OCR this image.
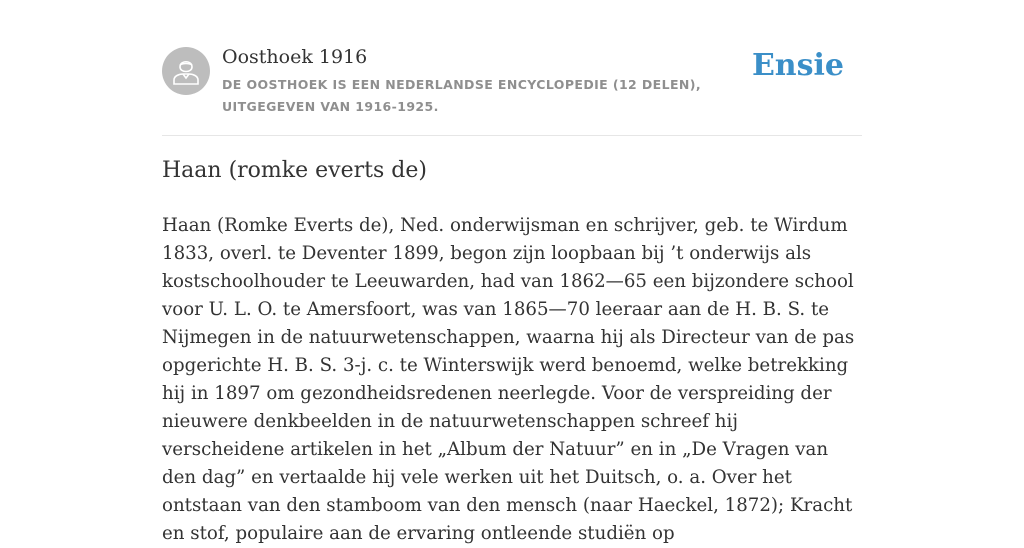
Oosthoek 1916
DE OOSTHOEK IS EEN NEDERLANDSE ENCYCLOPEDIE (12 DELEN), UITGEGEVEN VAN 1916-1925.
Ensie
Haan (romke everts de)

Haan (Romke Everts de), Ned. onderwijsman en schrijver, geb. te Wirdum 1833, overl. te Deventer 1899, begon zijn loopbaan bij ’t onderwijs als kostschoolhouder te Leeuwarden, had van 1862—65 een bijzondere school voor U. L. O. te Amersfoort, was van 1865—70 leeraar aan de H. B. S. te Nijmegen in de natuurwetenschappen, waarna hij als Directeur van de pas opgerichte H. B. S. 3-j. c. te Winterswijk werd benoemd, welke betrekking hij in 1897 om gezondheidsredenen neerlegde. Voor de verspreiding der nieuwere denkbeelden in de natuurwetenschappen schreef hij verscheidene artikelen in het „Album der Natuur” en in „De Vragen van den dag” en vertaalde hij vele werken uit het Duitsch, o. a. Over het ontstaan van den stamboom van den mensch (naar Haeckel, 1872); Kracht en stof, populaire aan de ervaring ontleende studiën op
